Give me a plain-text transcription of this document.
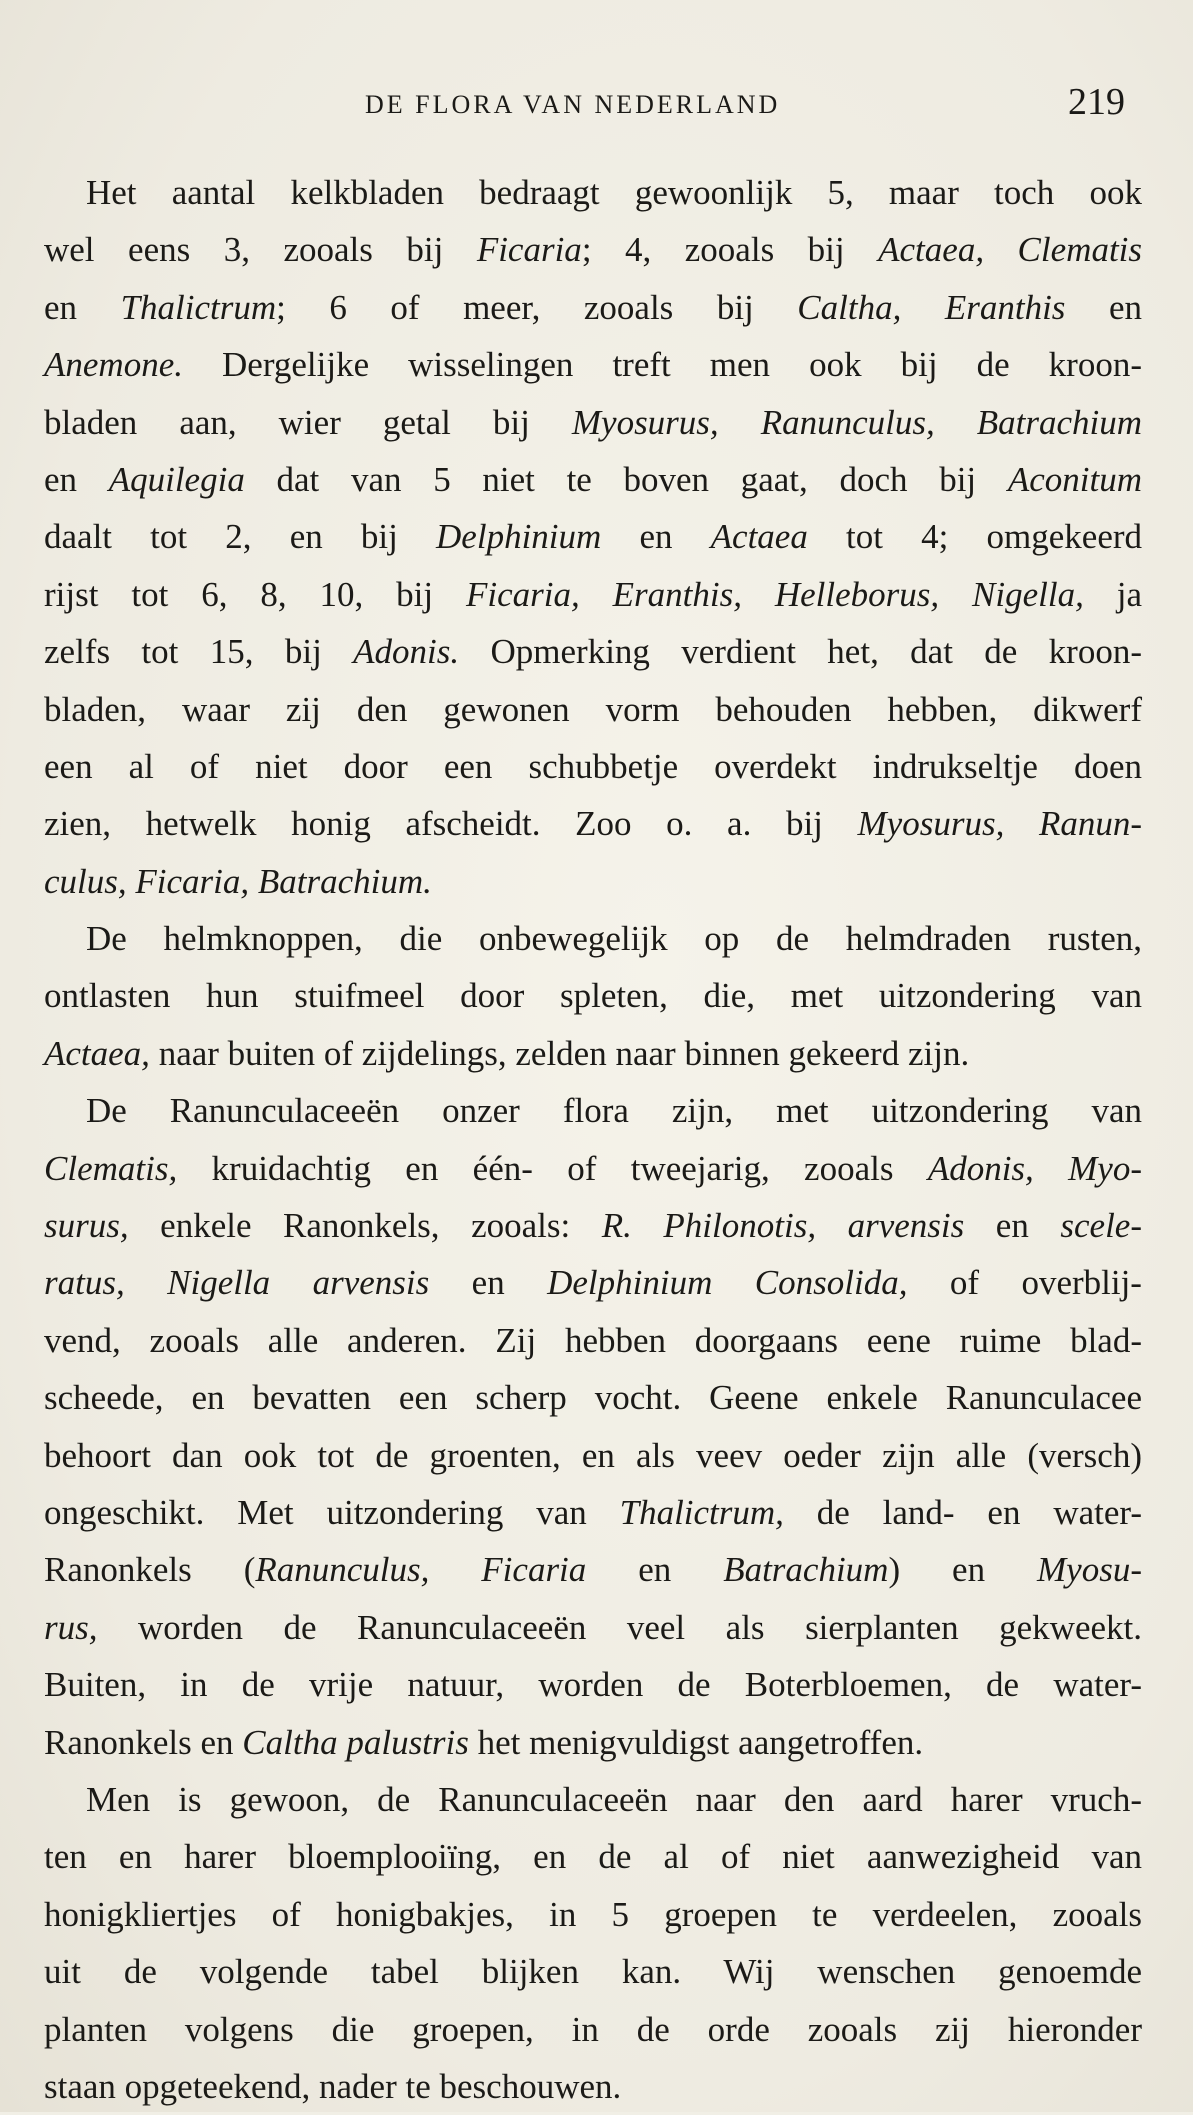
DE FLORA VAN NEDERLAND	219
Het aantal kelkbladen bedraagt gewoonlijk 5, maar toch ook
wel eens 3, zooals bij Ficaria; 4, zooals bij Actaea, Clematis
en Thalictrum; 6 of meer, zooals bij Caltha, Eranthis en
Anemone. Dergelijke wisselingen treft men ook bij de kroon-
bladen aan, wier getal bij Myosurus, Ranunculus, Batrachium
en Aquilegia dat van 5 niet te boven gaat, doch bij Aconitum
daalt tot 2, en bij Delphinium en Actaea tot 4; omgekeerd
rijst tot 6, 8, 10, bij Ficaria, Eranthis, Helleborus, Nigella, ja
zelfs tot 15, bij Adonis. Opmerking verdient het, dat de kroon-
bladen, waar zij den gewonen vorm behouden hebben, dikwerf
een al of niet door een schubbetje overdekt indrukseltje doen
zien, hetwelk honig afscheidt. Zoo o. a. bij Myosurus, Ranun-
culus, Ficaria, Batrachium.
De helmknoppen, die onbewegelijk op de helmdraden rusten,
ontlasten hun stuifmeel door spleten, die, met uitzondering van
Actaea, naar buiten of zijdelings, zelden naar binnen gekeerd zijn.
De Ranunculaceeën onzer flora zijn, met uitzondering van
Clematis, kruidachtig en één- of tweejarig, zooals Adonis, Myo-
surus, enkele Ranonkels, zooals: R. Philonotis, arvensis en scele-
ratus, Nigella arvensis en Delphinium Consolida, of overblij-
vend, zooals alle anderen. Zij hebben doorgaans eene ruime blad-
scheede, en bevatten een scherp vocht. Geene enkele Ranunculacee
behoort dan ook tot de groenten, en als veev oeder zijn alle (versch)
ongeschikt. Met uitzondering van Thalictrum, de land- en water-
Ranonkels (Ranunculus, Ficaria en Batrachium) en Myosu-
rus, worden de Ranunculaceeën veel als sierplanten gekweekt.
Buiten, in de vrije natuur, worden de Boterbloemen, de water-
Ranonkels en Caltha palustris het menigvuldigst aangetroffen.
Men is gewoon, de Ranunculaceeën naar den aard harer vruch-
ten en harer bloemplooiïng, en de al of niet aanwezigheid van
honigkliertjes of honigbakjes, in 5 groepen te verdeelen, zooals
uit de volgende tabel blijken kan. Wij wenschen genoemde
planten volgens die groepen, in de orde zooals zij hieronder
staan opgeteekend, nader te beschouwen.
